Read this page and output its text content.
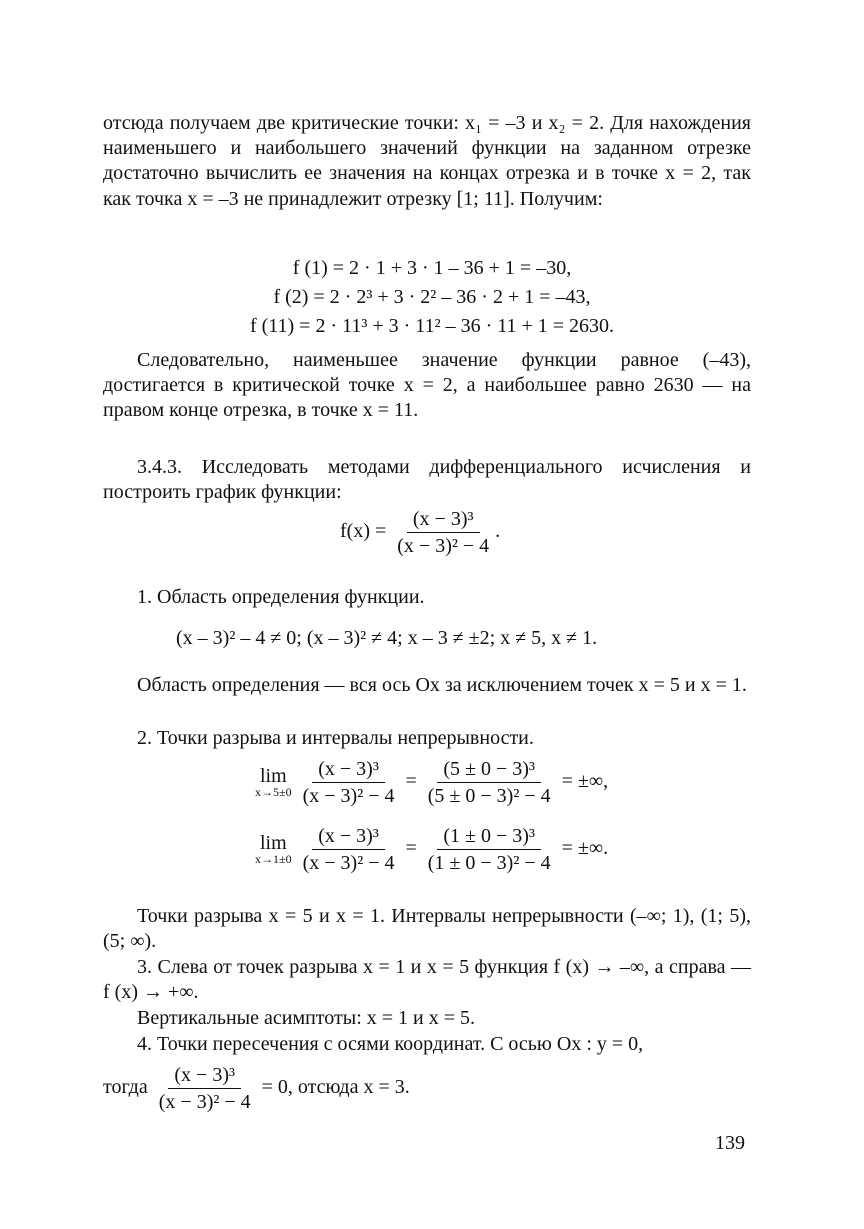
отсюда получаем две критические точки: x₁ = –3 и x₂ = 2. Для нахождения наименьшего и наибольшего значений функции на заданном отрезке достаточно вычислить ее значения на концах отрезка и в точке x = 2, так как точка x = –3 не принадлежит отрезку [1; 11]. Получим:

f (1) = 2 · 1 + 3 · 1 – 36 + 1 = –30,
f (2) = 2 · 2³ + 3 · 2² – 36 · 2 + 1 = –43,
f (11) = 2 · 11³ + 3 · 11² – 36 · 11 + 1 = 2630.

Следовательно, наименьшее значение функции равное (–43), достигается в критической точке x = 2, а наибольшее равно 2630 — на правом конце отрезка, в точке x = 11.

3.4.3. Исследовать методами дифференциального исчисления и построить график функции:

$f(x) = \frac{\text{(x − 3)³}}{\text{(x − 3)² − 4}}$ .

1. Область определения функции.

(x – 3)² – 4 ≠ 0; (x – 3)² ≠ 4; x – 3 ≠ ±2; x ≠ 5, x ≠ 1.

Область определения — вся ось Ox за исключением точек x = 5 и x = 1.

2. Точки разрыва и интервалы непрерывности.

lim
x→5±0
$\frac{\text{(x − 3)³}}{\text{(x − 3)² − 4}} = \frac{\text{(5 ± 0 − 3)³}}{\text{(5 ± 0 − 3)² − 4}}$ = ±∞,
lim
x→1±0
$\frac{\text{(x − 3)³}}{\text{(x − 3)² − 4}} = \frac{\text{(1 ± 0 − 3)³}}{\text{(1 ± 0 − 3)² − 4}}$ = ±∞.

Точки разрыва x = 5 и x = 1. Интервалы непрерывности (–∞; 1), (1; 5), (5; ∞).

3. Слева от точек разрыва x = 1 и x = 5 функция f (x) → –∞, а справа — f (x) → +∞.

Вертикальные асимптоты: x = 1 и x = 5.

4. Точки пересечения с осями координат. С осью Ox : y = 0,

тогда $\frac{\text{(x − 3)³}}{\text{(x − 3)² − 4}} = 0$, отсюда x = 3.
139
